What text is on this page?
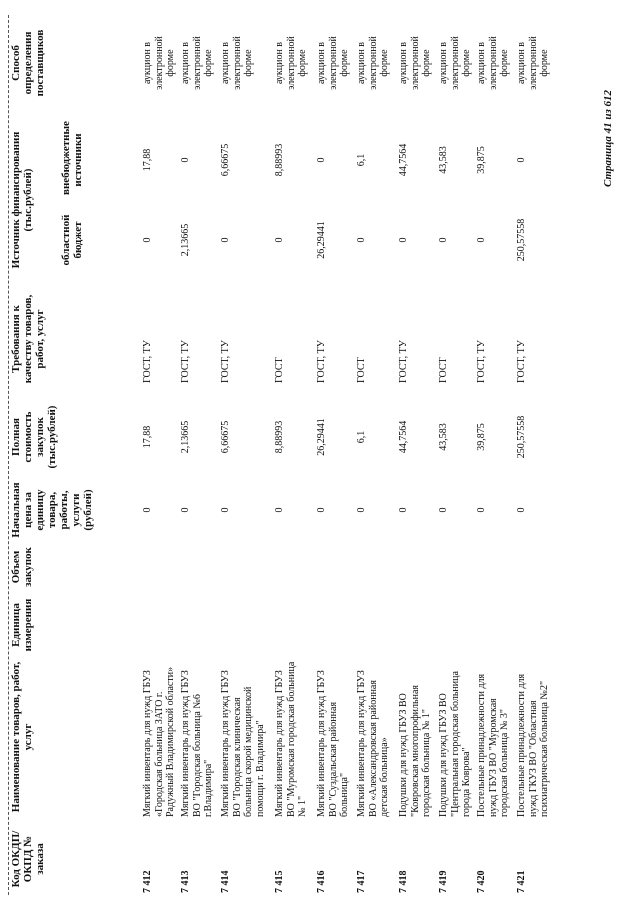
Код ОКДП/ ОКПД № заказа
Наименование товаров, работ, услуг
Единица измерения
Объем закупок
Начальная цена за единицу товара, работы, услуги (рублей)
Полная стоимость закупок (тыс.рублей)
Требования к качеству товаров, работ, услуг
Источник финансирования (тыс.рублей)
областной бюджет
внебюджетные источники
Способ определения поставщиков
7 412
Мягкий инвентарь для нужд ГБУЗ «Городская больница ЗАТО г. Радужный Владимирской области»
0
17,88
ГОСТ, ТУ
0
17,88
аукцион в электронной форме
7 413
Мягкий инвентарь для нужд ГБУЗ ВО "Городская больница №6 г.Владимира"
0
2,13665
ГОСТ, ТУ
2,13665
0
аукцион в электронной форме
7 414
Мягкий инвентарь для нужд ГБУЗ ВО "Городская клиническая больница скорой медицинской помощи г. Владимира"
0
6,66675
ГОСТ, ТУ
0
6,66675
аукцион в электронной форме
7 415
Мягкий инвентарь для нужд ГБУЗ ВО "Муромская городская больница № 1"
0
8,88993
ГОСТ
0
8,88993
аукцион в электронной форме
7 416
Мягкий инвентарь для нужд ГБУЗ ВО "Суздальская районная больница"
0
26,29441
ГОСТ, ТУ
26,29441
0
аукцион в электронной форме
7 417
Мягкий инвентарь для нужд ГБУЗ ВО «Александровская районная детская больница»
0
6,1
ГОСТ
0
6,1
аукцион в электронной форме
7 418
Подушки для нужд ГБУЗ ВО "Ковровская многопрофильная городская больница № 1"
0
44,7564
ГОСТ, ТУ
0
44,7564
аукцион в электронной форме
7 419
Подушки для нужд ГБУЗ ВО "Центральная городская больница города Коврова"
0
43,583
ГОСТ
0
43,583
аукцион в электронной форме
7 420
Постельные принадлежности для нужд ГБУЗ ВО "Муромская городская больница № 3"
0
39,875
ГОСТ, ТУ
0
39,875
аукцион в электронной форме
7 421
Постельные принадлежности для нужд ГКУЗ ВО "Областная психиатрическая больница №2"
0
250,57558
ГОСТ, ТУ
250,57558
0
аукцион в электронной форме
Страница 41 из 612
